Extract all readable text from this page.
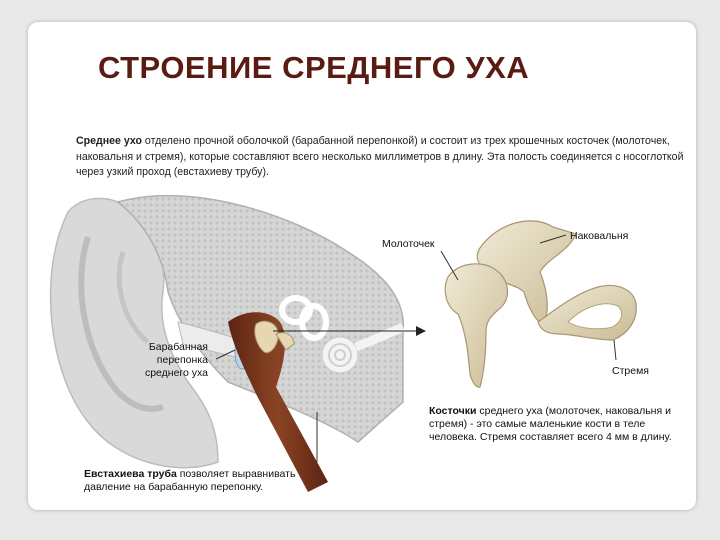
СТРОЕНИЕ СРЕДНЕГО УХА
Среднее ухо отделено прочной оболочкой (барабанной перепонкой) и состоит из трех крошечных косточек (молоточек, наковальня и стремя), которые составляют всего несколько миллиметров в длину. Эта полость соединяется с носоглоткой через узкий проход (евстахиеву трубу).
Молоточек
Наковальня
Стремя
Барабанная
перепонка
среднего уха
Косточки среднего уха (молоточек, наковальня и стремя) - это самые маленькие кости в теле человека. Стремя составляет всего 4 мм в длину.
Евстахиева труба позволяет выравнивать давление на барабанную перепонку.
